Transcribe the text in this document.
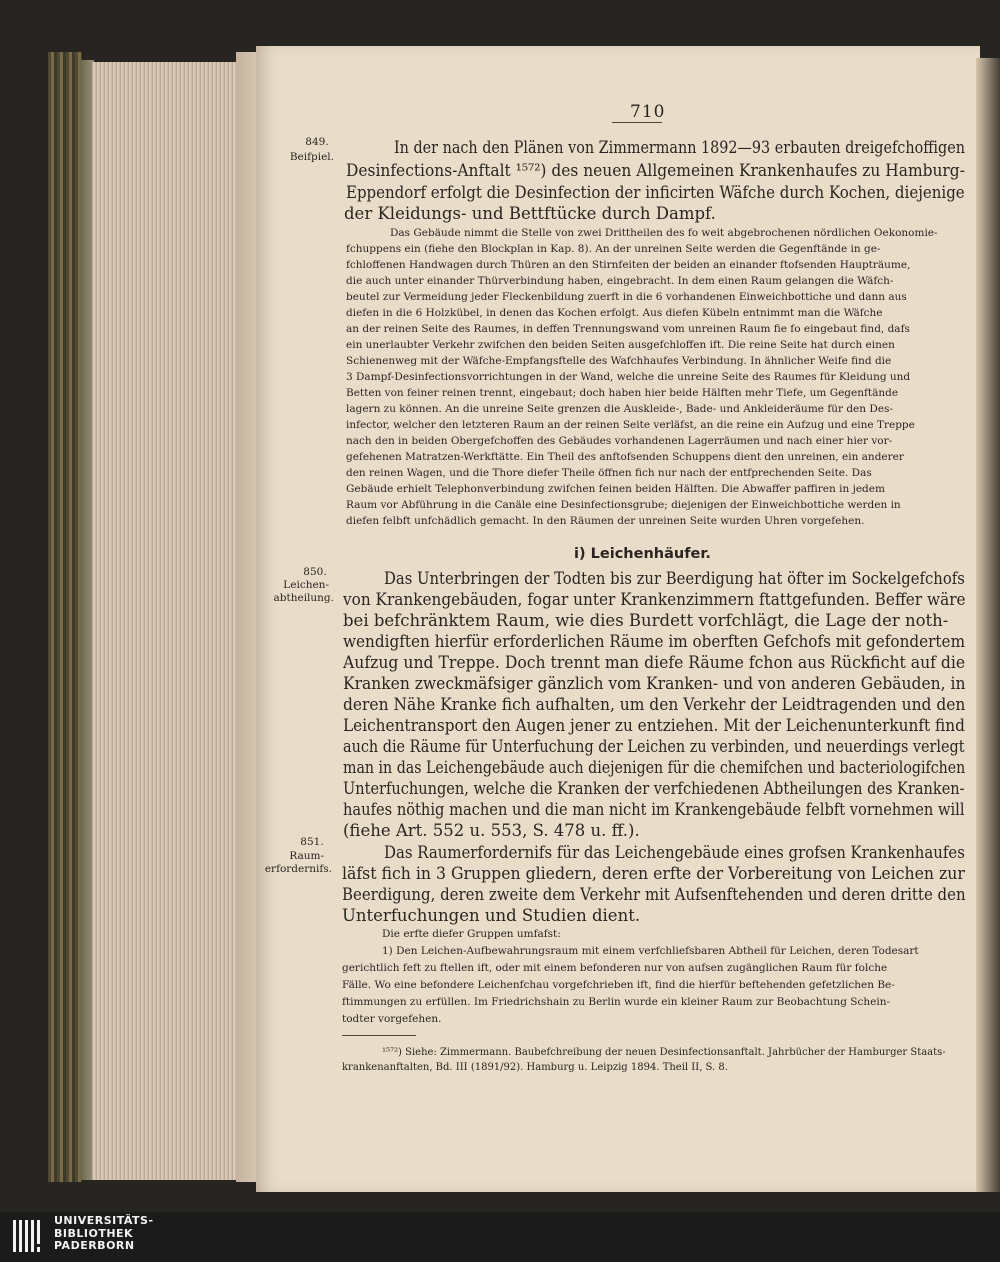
710
849.
Beifpiel.
850.
Leichen-
abtheilung.
851.
Raum-
erfordernifs.
In der nach den Plänen von Zimmermann 1892—93 erbauten dreigefchoffigen
Desinfections-Anftalt ¹⁵⁷²) des neuen Allgemeinen Krankenhaufes zu Hamburg-
Eppendorf erfolgt die Desinfection der inficirten Wäfche durch Kochen, diejenige
der Kleidungs- und Bettftücke durch Dampf.
Das Gebäude nimmt die Stelle von zwei Drittheilen des fo weit abgebrochenen nördlichen Oekonomie-
fchuppens ein (fiehe den Blockplan in Kap. 8). An der unreinen Seite werden die Gegenftände in ge-
fchloffenen Handwagen durch Thüren an den Stirnfeiten der beiden an einander ftofsenden Haupträume,
die auch unter einander Thürverbindung haben, eingebracht. In dem einen Raum gelangen die Wäfch-
beutel zur Vermeidung jeder Fleckenbildung zuerft in die 6 vorhandenen Einweichbottiche und dann aus
diefen in die 6 Holzkübel, in denen das Kochen erfolgt. Aus diefen Kübeln entnimmt man die Wäfche
an der reinen Seite des Raumes, in deffen Trennungswand vom unreinen Raum fie fo eingebaut find, dafs
ein unerlaubter Verkehr zwifchen den beiden Seiten ausgefchloffen ift. Die reine Seite hat durch einen
Schienenweg mit der Wäfche-Empfangsftelle des Wafchhaufes Verbindung. In ähnlicher Weife find die
3 Dampf-Desinfectionsvorrichtungen in der Wand, welche die unreine Seite des Raumes für Kleidung und
Betten von feiner reinen trennt, eingebaut; doch haben hier beide Hälften mehr Tiefe, um Gegenftände
lagern zu können. An die unreine Seite grenzen die Auskleide-, Bade- und Ankleideräume für den Des-
infector, welcher den letzteren Raum an der reinen Seite verläfst, an die reine ein Aufzug und eine Treppe
nach den in beiden Obergefchoffen des Gebäudes vorhandenen Lagerräumen und nach einer hier vor-
gefehenen Matratzen-Werkftätte. Ein Theil des anftofsenden Schuppens dient den unreinen, ein anderer
den reinen Wagen, und die Thore diefer Theile öffnen fich nur nach der entfprechenden Seite. Das
Gebäude erhielt Telephonverbindung zwifchen feinen beiden Hälften. Die Abwaffer paffiren in jedem
Raum vor Abführung in die Canäle eine Desinfectionsgrube; diejenigen der Einweichbottiche werden in
diefen felbft unfchädlich gemacht. In den Räumen der unreinen Seite wurden Uhren vorgefehen.
i) Leichenhäufer.
Das Unterbringen der Todten bis zur Beerdigung hat öfter im Sockelgefchofs
von Krankengebäuden, fogar unter Krankenzimmern ftattgefunden. Beffer wäre
bei befchränktem Raum, wie dies Burdett vorfchlägt, die Lage der noth-
wendigften hierfür erforderlichen Räume im oberften Gefchofs mit gefondertem
Aufzug und Treppe. Doch trennt man diefe Räume fchon aus Rückficht auf die
Kranken zweckmäfsiger gänzlich vom Kranken- und von anderen Gebäuden, in
deren Nähe Kranke fich aufhalten, um den Verkehr der Leidtragenden und den
Leichentransport den Augen jener zu entziehen. Mit der Leichenunterkunft find
auch die Räume für Unterfuchung der Leichen zu verbinden, und neuerdings verlegt
man in das Leichengebäude auch diejenigen für die chemifchen und bacteriologifchen
Unterfuchungen, welche die Kranken der verfchiedenen Abtheilungen des Kranken-
haufes nöthig machen und die man nicht im Krankengebäude felbft vornehmen will
(fiehe Art. 552 u. 553, S. 478 u. ff.).
Das Raumerfordernifs für das Leichengebäude eines grofsen Krankenhaufes
läfst fich in 3 Gruppen gliedern, deren erfte der Vorbereitung von Leichen zur
Beerdigung, deren zweite dem Verkehr mit Aufsenftehenden und deren dritte den
Unterfuchungen und Studien dient.
Die erfte diefer Gruppen umfafst:
1) Den Leichen-Aufbewahrungsraum mit einem verfchliefsbaren Abtheil für Leichen, deren Todesart
gerichtlich feft zu ftellen ift, oder mit einem befonderen nur von aufsen zugänglichen Raum für folche
Fälle. Wo eine befondere Leichenfchau vorgefchrieben ift, find die hierfür beftehenden gefetzlichen Be-
ftimmungen zu erfüllen. Im Friedrichshain zu Berlin wurde ein kleiner Raum zur Beobachtung Schein-
todter vorgefehen.
¹⁵⁷²) Siehe: Zimmermann. Baubefchreibung der neuen Desinfectionsanftalt. Jahrbücher der Hamburger Staats-
krankenanftalten, Bd. III (1891/92). Hamburg u. Leipzig 1894. Theil II, S. 8.
UNIVERSITÄTS-
BIBLIOTHEK
PADERBORN
